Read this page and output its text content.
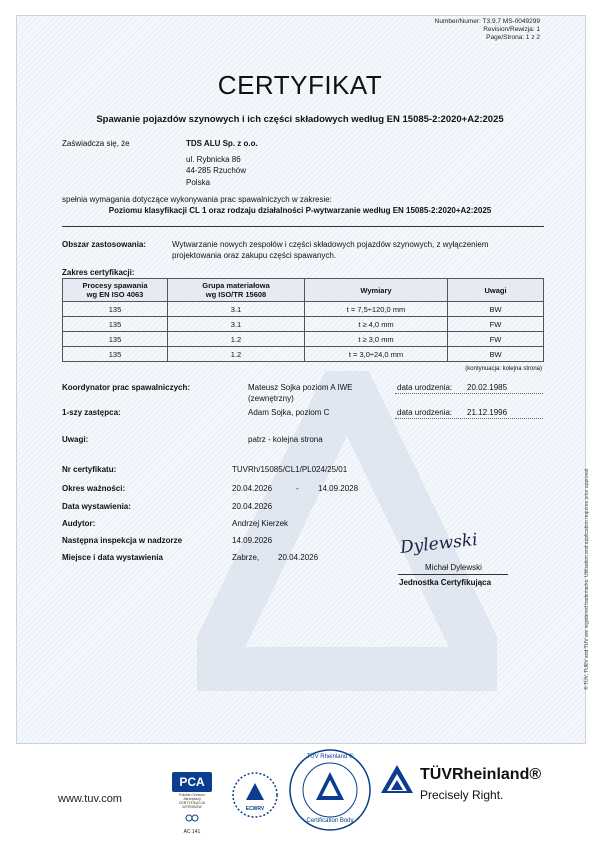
Number/Numer: T3.9.7 MS-0049299
Revision/Rewizja: 1
Page/Strona: 1 z 2
CERTYFIKAT
Spawanie pojazdów szynowych i ich części składowych według EN 15085-2:2020+A2:2025
Zaświadcza się, że	TDS ALU Sp. z o.o.
ul. Rybnicka 86
44-285 Rzuchów
Polska
spełnia wymagania dotyczące wykonywania prac spawalniczych w zakresie:
Poziomu klasyfikacji CL 1 oraz rodzaju działalności P-wytwarzanie według EN 15085-2:2020+A2:2025
Obszar zastosowania:	Wytwarzanie nowych zespołów i części składowych pojazdów szynowych, z wyłączeniem
projektowania oraz zakupu części spawanych.
Zakres certyfikacji:
Procesy spawania
wg EN ISO 4063	Grupa materiałowa
wg ISO/TR 15608	Wymiary	Uwagi
135	3.1	t = 7,5÷120,0 mm	BW
135	3.1	t ≥ 4,0 mm	FW
135	1.2	t ≥ 3,0 mm	FW
135	1.2	t = 3,0÷24,0 mm	BW
(kontynuacja: kolejna strona)
Koordynator prac spawalniczych:	Mateusz Sojka poziom A IWE
(zewnętrzny)
data urodzenia: 20.02.1985
1-szy zastępca:	Adam Sojka, poziom C	data urodzenia: 21.12.1996
Uwagi:	patrz - kolejna strona
Nr certyfikatu:	TUVRh/15085/CL1/PL024/25/01
Okres ważności:	20.04.2026	- 14.09.2028
Data wystawienia:	20.04.2026
Audytor:	Andrzej Kierzek
Następna inspekcja w nadzorze	14.09.2026
Miejsce i data wystawienia	Zabrze, 20.04.2026	Dylewski
Michał Dylewski
Jednostka Certyfikująca	® TÜV, TUEV and TUV are registered trademarks. Utilisation and application requires prior approval.
www.tuv.com
PCA
Polskie Centrum Akredytacji
CERTYFIKACJA WYROBÓW
AC 141
ECWRV
TÜV Rheinland ®
Certification Body
TÜVRheinland®
Precisely Right.
